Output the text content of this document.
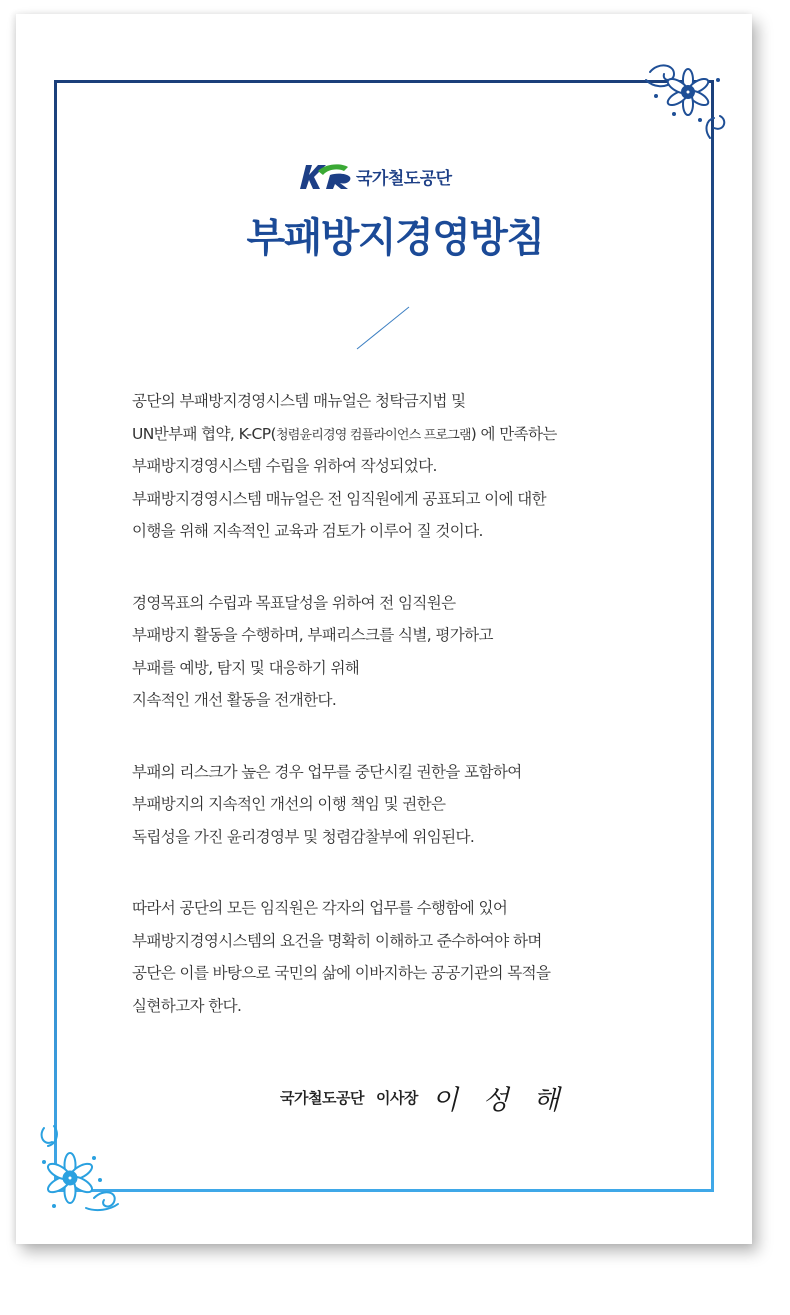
국가철도공단
부패방지경영방침
공단의 부패방지경영시스템 매뉴얼은 청탁금지법 및
UN반부패 협약, K-CP(청렴윤리경영 컴플라이언스 프로그램) 에 만족하는
부패방지경영시스템 수립을 위하여 작성되었다.
부패방지경영시스템 매뉴얼은 전 임직원에게 공표되고 이에 대한
이행을 위해 지속적인 교육과 검토가 이루어 질 것이다.
경영목표의 수립과 목표달성을 위하여 전 임직원은
부패방지 활동을 수행하며, 부패리스크를 식별, 평가하고
부패를 예방, 탐지 및 대응하기 위해
지속적인 개선 활동을 전개한다.
부패의 리스크가 높은 경우 업무를 중단시킬 권한을 포함하여
부패방지의 지속적인 개선의 이행 책임 및 권한은
독립성을 가진 윤리경영부 및 청렴감찰부에 위임된다.
따라서 공단의 모든 임직원은 각자의 업무를 수행함에 있어
부패방지경영시스템의 요건을 명확히 이해하고 준수하여야 하며
공단은 이를 바탕으로 국민의 삶에 이바지하는 공공기관의 목적을
실현하고자 한다.
국가철도공단 이사장 이 성 해
